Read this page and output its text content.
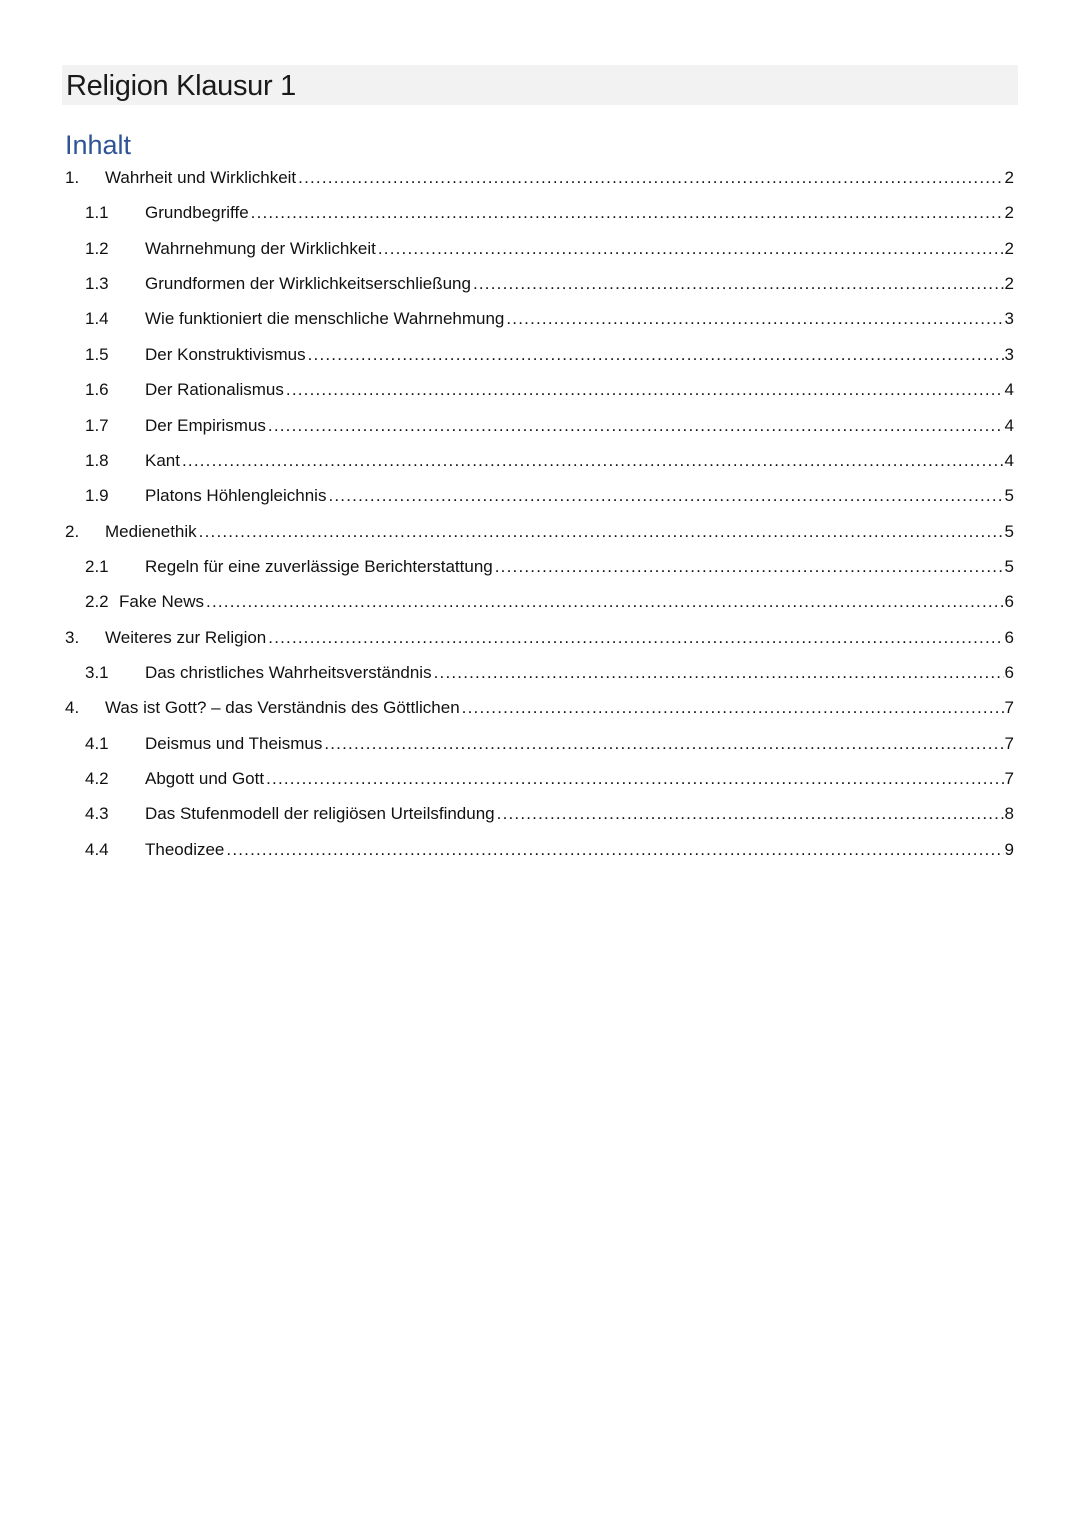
Religion Klausur 1
Inhalt
1. Wahrheit und Wirklichkeit .....	2
1.1 Grundbegriffe .....	2
1.2 Wahrnehmung der Wirklichkeit .....	2
1.3 Grundformen der Wirklichkeitserschließung .....	2
1.4 Wie funktioniert die menschliche Wahrnehmung .....	3
1.5 Der Konstruktivismus .....	3
1.6 Der Rationalismus .....	4
1.7 Der Empirismus .....	4
1.8 Kant .....	4
1.9 Platons Höhlengleichnis .....	5
2. Medienethik .....	5
2.1 Regeln für eine zuverlässige Berichterstattung .....	5
2.2 Fake News .....	6
3. Weiteres zur Religion .....	6
3.1 Das christliches Wahrheitsverständnis .....	6
4. Was ist Gott? – das Verständnis des Göttlichen .....	7
4.1 Deismus und Theismus .....	7
4.2 Abgott und Gott .....	7
4.3 Das Stufenmodell der religiösen Urteilsfindung .....	8
4.4 Theodizee .....	9
